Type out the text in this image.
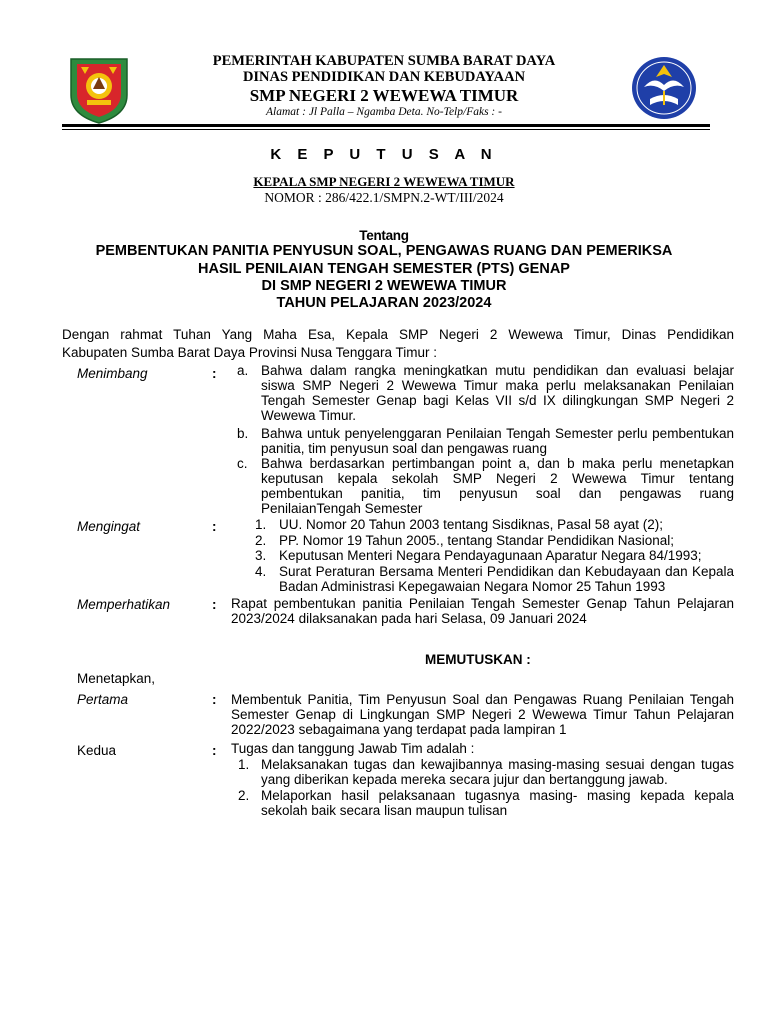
PEMERINTAH KABUPATEN SUMBA BARAT DAYA
DINAS PENDIDIKAN DAN KEBUDAYAAN
SMP NEGERI 2 WEWEWA TIMUR
Alamat : Jl Palla – Ngamba Deta. No-Telp/Faks : -
K E P U T U S A N
KEPALA SMP NEGERI 2 WEWEWA TIMUR
NOMOR : 286/422.1/SMPN.2-WT/III/2024
Tentang
PEMBENTUKAN PANITIA PENYUSUN SOAL, PENGAWAS RUANG DAN PEMERIKSA
HASIL PENILAIAN TENGAH SEMESTER (PTS) GENAP
DI SMP NEGERI 2 WEWEWA TIMUR
TAHUN PELAJARAN 2023/2024
Dengan rahmat Tuhan Yang Maha Esa, Kepala SMP Negeri 2 Wewewa Timur, Dinas Pendidikan
Kabupaten Sumba Barat Daya Provinsi Nusa Tenggara Timur :
Menimbang	: a. Bahwa dalam rangka meningkatkan mutu pendidikan dan evaluasi belajar siswa SMP Negeri 2 Wewewa Timur maka perlu melaksanakan Penilaian Tengah Semester Genap bagi Kelas VII s/d IX dilingkungan SMP Negeri 2 Wewewa Timur.
b. Bahwa untuk penyelenggaran Penilaian Tengah Semester perlu pembentukan panitia, tim penyusun soal dan pengawas ruang
c. Bahwa berdasarkan pertimbangan point a, dan b maka perlu menetapkan keputusan kepala sekolah SMP Negeri 2 Wewewa Timur tentang pembentukan panitia, tim penyusun soal dan pengawas ruang PenilaianTengah Semester
Mengingat	:	1. UU. Nomor 20 Tahun 2003 tentang Sisdiknas, Pasal 58 ayat (2);
2. PP. Nomor 19 Tahun 2005., tentang Standar Pendidikan Nasional;
3. Keputusan Menteri Negara Pendayagunaan Aparatur Negara 84/1993;
4. Surat Peraturan Bersama Menteri Pendidikan dan Kebudayaan dan Kepala Badan Administrasi Kepegawaian Negara Nomor 25 Tahun 1993
Memperhatikan	: Rapat pembentukan panitia Penilaian Tengah Semester Genap Tahun Pelajaran 2023/2024 dilaksanakan pada hari Selasa, 09 Januari 2024
MEMUTUSKAN :
Menetapkan,
Pertama	: Membentuk Panitia, Tim Penyusun Soal dan Pengawas Ruang Penilaian Tengah Semester Genap di Lingkungan SMP Negeri 2 Wewewa Timur Tahun Pelajaran 2022/2023 sebagaimana yang terdapat pada lampiran 1
Kedua	: Tugas dan tanggung Jawab Tim adalah :
1. Melaksanakan tugas dan kewajibannya masing-masing sesuai dengan tugas yang diberikan kepada mereka secara jujur dan bertanggung jawab.
2. Melaporkan hasil pelaksanaan tugasnya masing- masing kepada kepala sekolah baik secara lisan maupun tulisan
